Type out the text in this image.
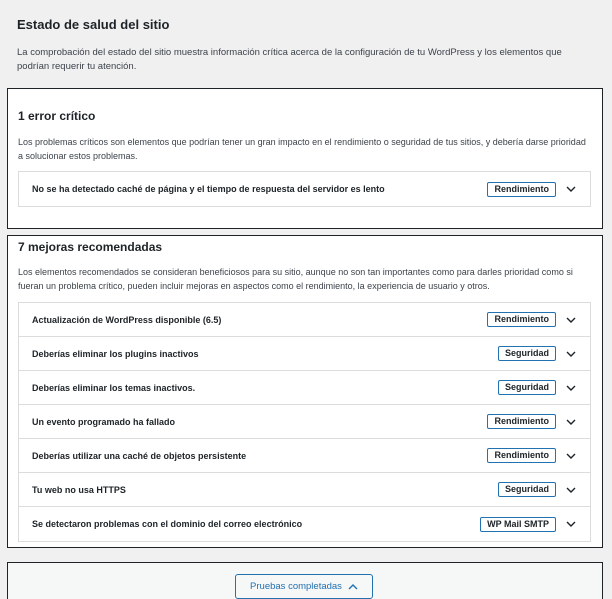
Estado de salud del sitio

La comprobación del estado del sitio muestra información crítica acerca de la configuración de tu WordPress y los elementos que podrían requerir tu atención.

1 error crítico

Los problemas críticos son elementos que podrían tener un gran impacto en el rendimiento o seguridad de tus sitios, y debería darse prioridad a solucionar estos problemas.

No se ha detectado caché de página y el tiempo de respuesta del servidor es lento	Rendimiento
7 mejoras recomendadas

Los elementos recomendados se consideran beneficiosos para su sitio, aunque no son tan importantes como para darles prioridad como si fueran un problema crítico, pueden incluir mejoras en aspectos como el rendimiento, la experiencia de usuario y otros.

Actualización de WordPress disponible (6.5)	Rendimiento
Deberías eliminar los plugins inactivos	Seguridad
Deberías eliminar los temas inactivos.	Seguridad
Un evento programado ha fallado	Rendimiento
Deberías utilizar una caché de objetos persistente	Rendimiento
Tu web no usa HTTPS	Seguridad
Se detectaron problemas con el dominio del correo electrónico	WP Mail SMTP
Pruebas completadas
